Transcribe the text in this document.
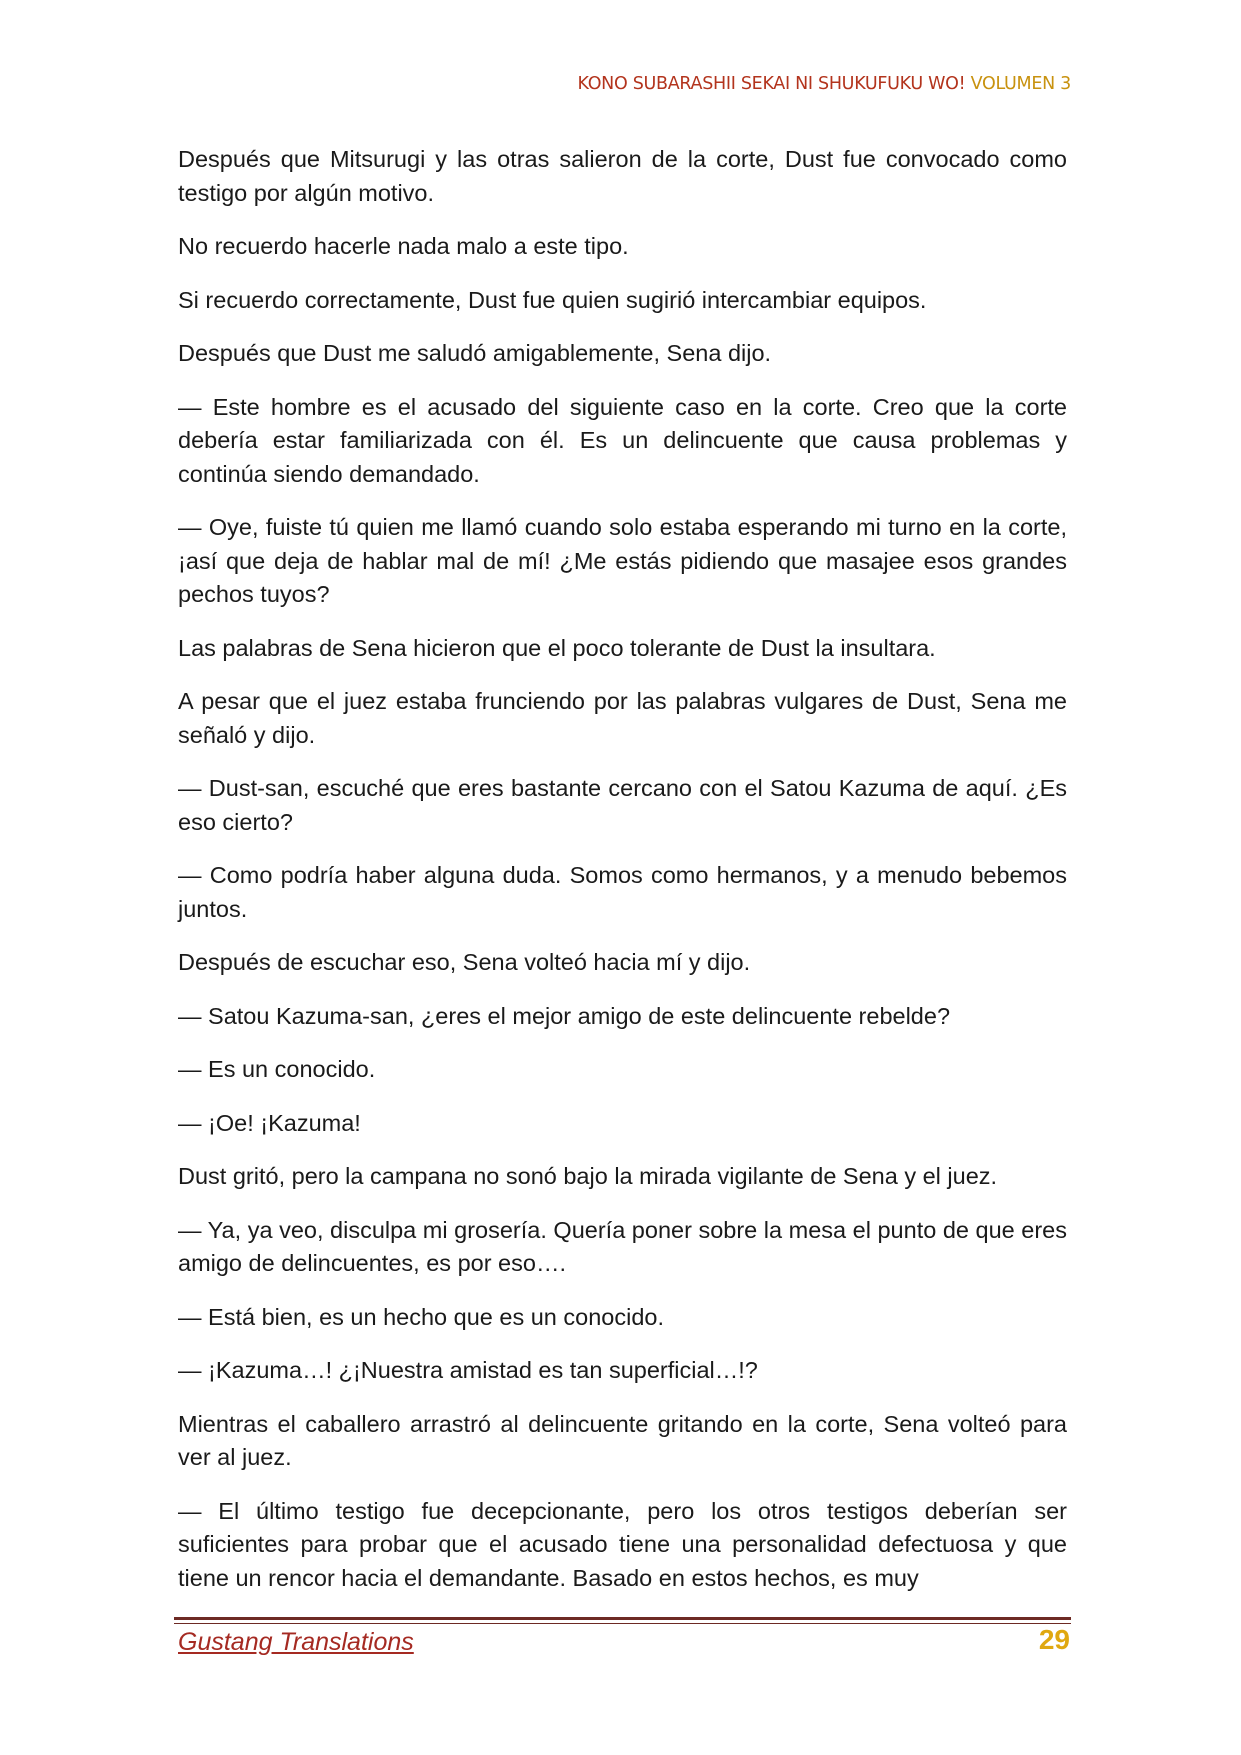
KONO SUBARASHII SEKAI NI SHUKUFUKU WO! VOLUMEN 3

Después que Mitsurugi y las otras salieron de la corte, Dust fue convocado como testigo por algún motivo.

No recuerdo hacerle nada malo a este tipo.

Si recuerdo correctamente, Dust fue quien sugirió intercambiar equipos.

Después que Dust me saludó amigablemente, Sena dijo.

— Este hombre es el acusado del siguiente caso en la corte. Creo que la corte debería estar familiarizada con él. Es un delincuente que causa problemas y continúa siendo demandado.

— Oye, fuiste tú quien me llamó cuando solo estaba esperando mi turno en la corte, ¡así que deja de hablar mal de mí! ¿Me estás pidiendo que masajee esos grandes pechos tuyos?

Las palabras de Sena hicieron que el poco tolerante de Dust la insultara.

A pesar que el juez estaba frunciendo por las palabras vulgares de Dust, Sena me señaló y dijo.

— Dust-san, escuché que eres bastante cercano con el Satou Kazuma de aquí. ¿Es eso cierto?

— Como podría haber alguna duda. Somos como hermanos, y a menudo bebemos juntos.

Después de escuchar eso, Sena volteó hacia mí y dijo.

— Satou Kazuma-san, ¿eres el mejor amigo de este delincuente rebelde?

— Es un conocido.

— ¡Oe! ¡Kazuma!

Dust gritó, pero la campana no sonó bajo la mirada vigilante de Sena y el juez.

— Ya, ya veo, disculpa mi grosería. Quería poner sobre la mesa el punto de que eres amigo de delincuentes, es por eso….

— Está bien, es un hecho que es un conocido.

— ¡Kazuma…! ¿¡Nuestra amistad es tan superficial…!?

Mientras el caballero arrastró al delincuente gritando en la corte, Sena volteó para ver al juez.

— El último testigo fue decepcionante, pero los otros testigos deberían ser suficientes para probar que el acusado tiene una personalidad defectuosa y que tiene un rencor hacia el demandante. Basado en estos hechos, es muy

Gustang Translations	29
